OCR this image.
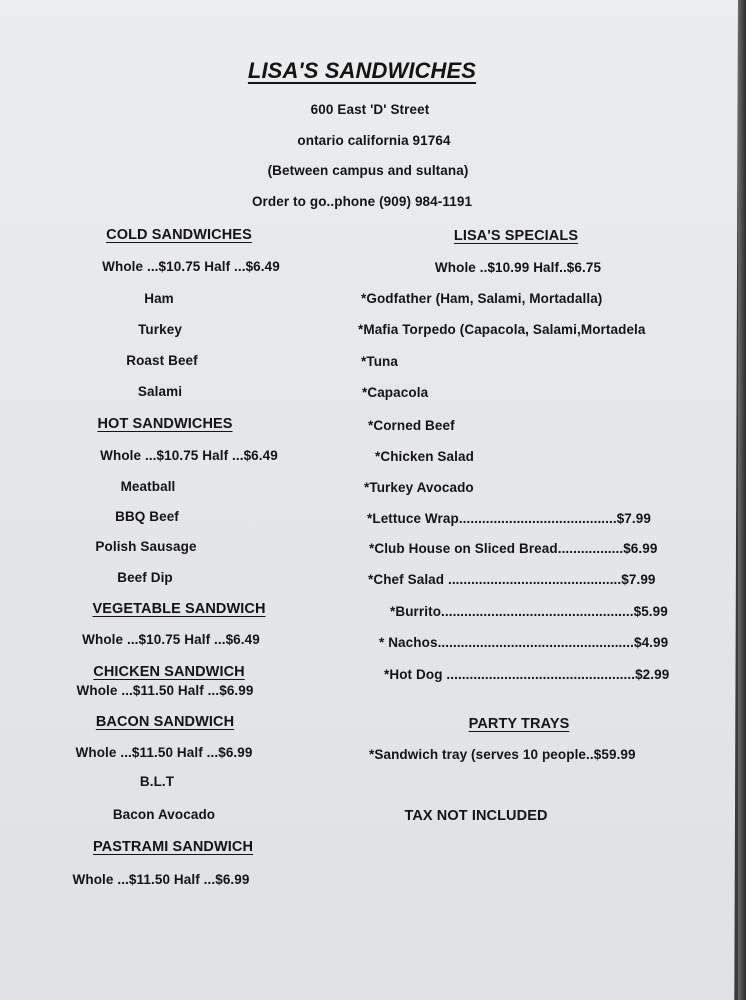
LISA'S SANDWICHES
600 East 'D' Street
ontario california 91764
(Between campus and sultana)
Order to go..phone (909) 984-1191
COLD SANDWICHES
Whole ...$10.75 Half ...$6.49
Ham
Turkey
Roast Beef
Salami
HOT SANDWICHES
Whole ...$10.75 Half ...$6.49
Meatball
BBQ Beef
Polish Sausage
Beef Dip
VEGETABLE SANDWICH
Whole ...$10.75 Half ...$6.49
CHICKEN SANDWICH
Whole ...$11.50 Half ...$6.99
BACON SANDWICH
Whole ...$11.50 Half ...$6.99
B.L.T
Bacon Avocado
PASTRAMI SANDWICH
Whole ...$11.50 Half ...$6.99
LISA'S SPECIALS
Whole ..$10.99 Half..$6.75
*Godfather (Ham, Salami, Mortadalla)
*Mafia Torpedo (Capacola, Salami,Mortadela
*Tuna
*Capacola
*Corned Beef
*Chicken Salad
*Turkey Avocado
*Lettuce Wrap.........................................$7.99
*Club House on Sliced Bread.................$6.99
*Chef Salad .............................................$7.99
*Burrito..................................................$5.99
* Nachos...................................................$4.99
*Hot Dog .................................................$2.99
PARTY TRAYS
*Sandwich tray (serves 10 people..$59.99
TAX NOT INCLUDED
